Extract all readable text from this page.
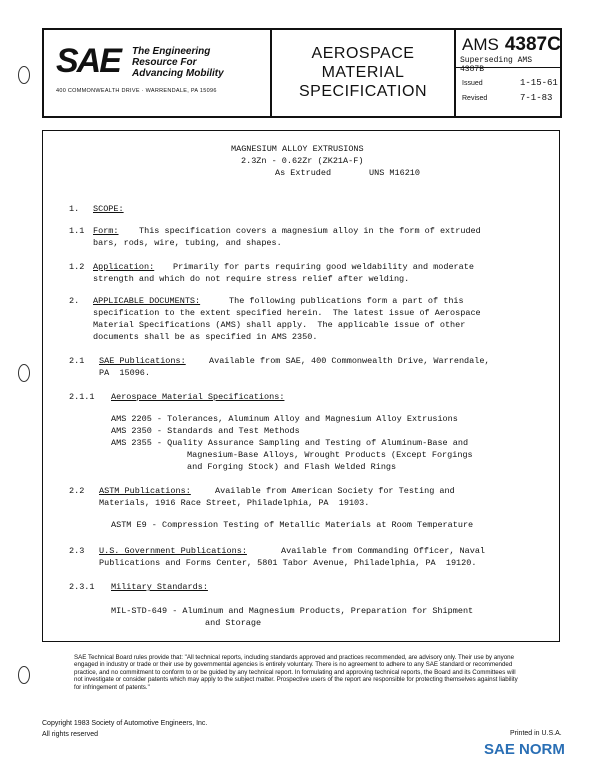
SAE The Engineering
Resource For
Advancing Mobility
400 COMMONWEALTH DRIVE · WARRENDALE, PA 15096
AEROSPACE
MATERIAL
SPECIFICATION
AMS 4387C
Superseding AMS 4387B
Issued	1-15-61
Revised	7-1-83
MAGNESIUM ALLOY EXTRUSIONS
2.3Zn - 0.62Zr (ZK21A-F)
As Extruded	UNS M16210
1. SCOPE:
1.1 Form: This specification covers a magnesium alloy in the form of extruded
bars, rods, wire, tubing, and shapes.
1.2 Application: Primarily for parts requiring good weldability and moderate
strength and which do not require stress relief after welding.
2. APPLICABLE DOCUMENTS:	The following publications form a part of this
specification to the extent specified herein.  The latest issue of Aerospace
Material Specifications (AMS) shall apply.  The applicable issue of other
documents shall be as specified in AMS 2350.
2.1 SAE Publications:	Available from SAE, 400 Commonwealth Drive, Warrendale,
PA  15096.
2.1.1 Aerospace Material Specifications:
AMS 2205 - Tolerances, Aluminum Alloy and Magnesium Alloy Extrusions
AMS 2350 - Standards and Test Methods
AMS 2355 - Quality Assurance Sampling and Testing of Aluminum-Base and
Magnesium-Base Alloys, Wrought Products (Except Forgings
and Forging Stock) and Flash Welded Rings
2.2 ASTM Publications:	Available from American Society for Testing and
Materials, 1916 Race Street, Philadelphia, PA  19103.
ASTM E9 - Compression Testing of Metallic Materials at Room Temperature
2.3 U.S. Government Publications:	Available from Commanding Officer, Naval
Publications and Forms Center, 5801 Tabor Avenue, Philadelphia, PA  19120.
2.3.1 Military Standards:
MIL-STD-649 - Aluminum and Magnesium Products, Preparation for Shipment
and Storage
SAE Technical Board rules provide that: "All technical reports, including standards approved and practices recommended, are advisory only. Their use by anyone engaged in industry or trade or their use by governmental agencies is entirely voluntary. There is no agreement to adhere to any SAE standard or recommended practice, and no commitment to conform to or be guided by any technical report. In formulating and approving technical reports, the Board and its Committees will not investigate or consider patents which may apply to the subject matter. Prospective users of the report are responsible for protecting themselves against liability for infringement of patents."
Copyright 1983 Society of Automotive Engineers, Inc.
All rights reserved	Printed in U.S.A.
SAE NORM
